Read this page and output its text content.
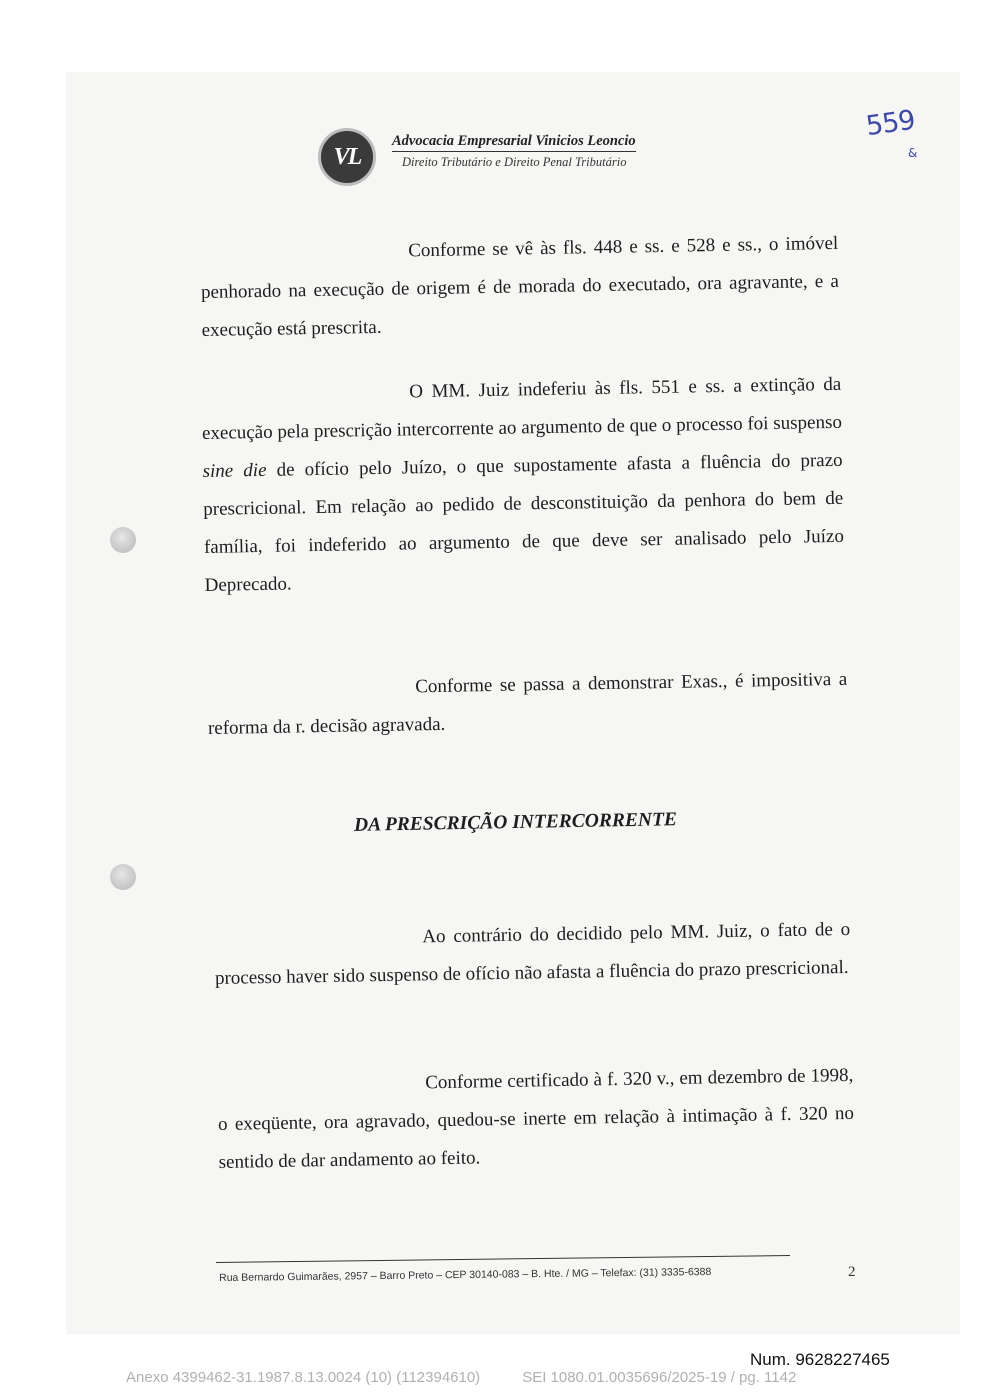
VL
Advocacia Empresarial Vinicios Leoncio
Direito Tributário e Direito Penal Tributário
559
&

Conforme se vê às fls. 448 e ss. e 528 e ss., o imóvel penhorado na execução de origem é de morada do executado, ora agravante, e a execução está prescrita.

O MM. Juiz indeferiu às fls. 551 e ss. a extinção da execução pela prescrição intercorrente ao argumento de que o processo foi suspenso sine die de ofício pelo Juízo, o que supostamente afasta a fluência do prazo prescricional. Em relação ao pedido de desconstituição da penhora do bem de família, foi indeferido ao argumento de que deve ser analisado pelo Juízo Deprecado.

Conforme se passa a demonstrar Exas., é impositiva a reforma da r. decisão agravada.

DA PRESCRIÇÃO INTERCORRENTE

Ao contrário do decidido pelo MM. Juiz, o fato de o processo haver sido suspenso de ofício não afasta a fluência do prazo prescricional.

Conforme certificado à f. 320 v., em dezembro de 1998, o exeqüente, ora agravado, quedou-se inerte em relação à intimação à f. 320 no sentido de dar andamento ao feito.

Rua Bernardo Guimarães, 2957 – Barro Preto – CEP 30140-083 – B. Hte. / MG – Telefax: (31) 3335-6388	2
Num. 9628227465
Anexo 4399462-31.1987.8.13.0024 (10) (112394610)	SEI 1080.01.0035696/2025-19 / pg. 1142
